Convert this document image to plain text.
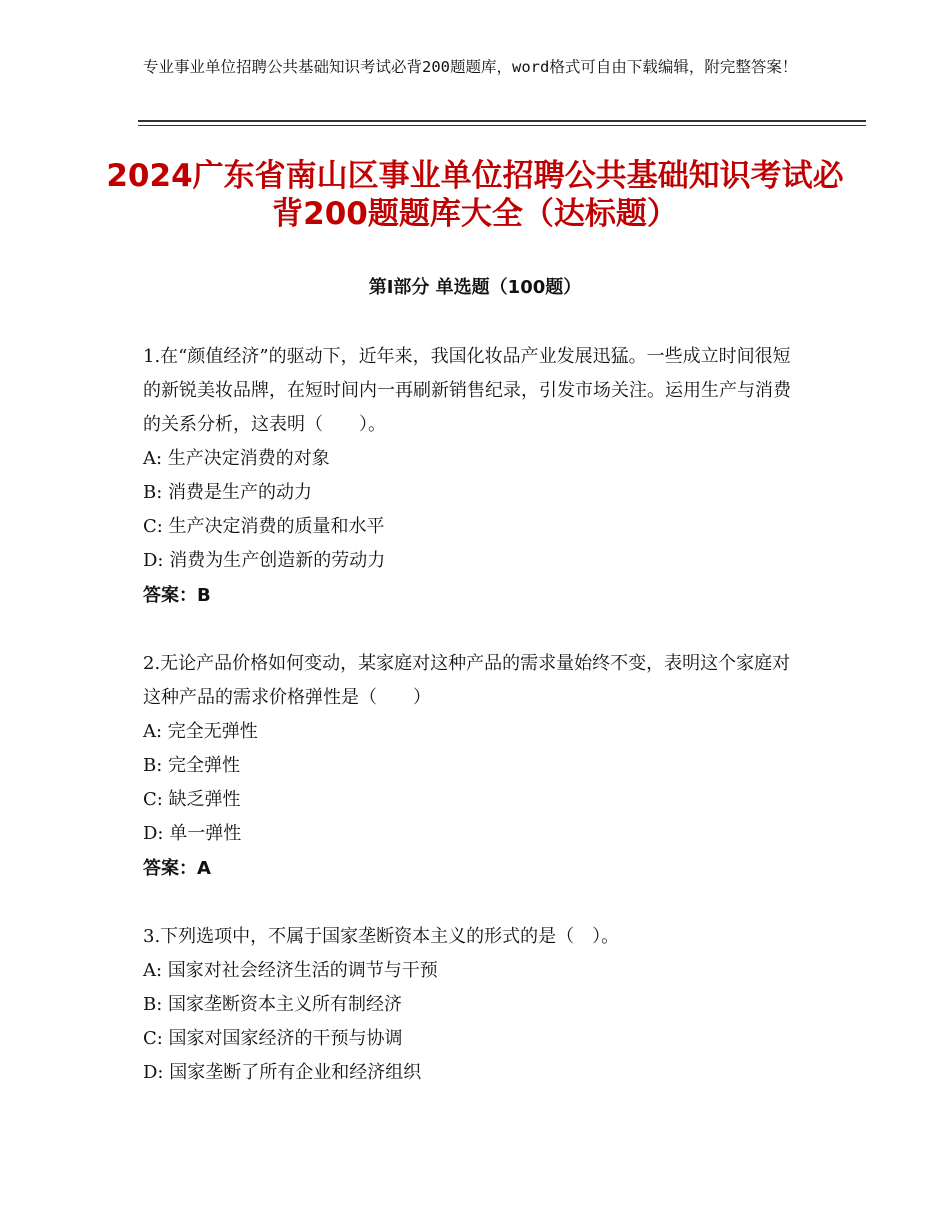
专业事业单位招聘公共基础知识考试必背200题题库，word格式可自由下载编辑，附完整答案！
2024广东省南山区事业单位招聘公共基础知识考试必背200题题库大全（达标题）
第Ⅰ部分 单选题（100题）
1.在“颜值经济”的驱动下，近年来，我国化妆品产业发展迅猛。一些成立时间很短的新锐美妆品牌，在短时间内一再刷新销售纪录，引发市场关注。运用生产与消费的关系分析，这表明（　　）。
A: 生产决定消费的对象
B: 消费是生产的动力
C: 生产决定消费的质量和水平
D: 消费为生产创造新的劳动力
答案：B
2.无论产品价格如何变动，某家庭对这种产品的需求量始终不变，表明这个家庭对这种产品的需求价格弹性是（　　）
A: 完全无弹性
B: 完全弹性
C: 缺乏弹性
D: 单一弹性
答案：A
3.下列选项中，不属于国家垄断资本主义的形式的是（　）。
A: 国家对社会经济生活的调节与干预
B: 国家垄断资本主义所有制经济
C: 国家对国家经济的干预与协调
D: 国家垄断了所有企业和经济组织
